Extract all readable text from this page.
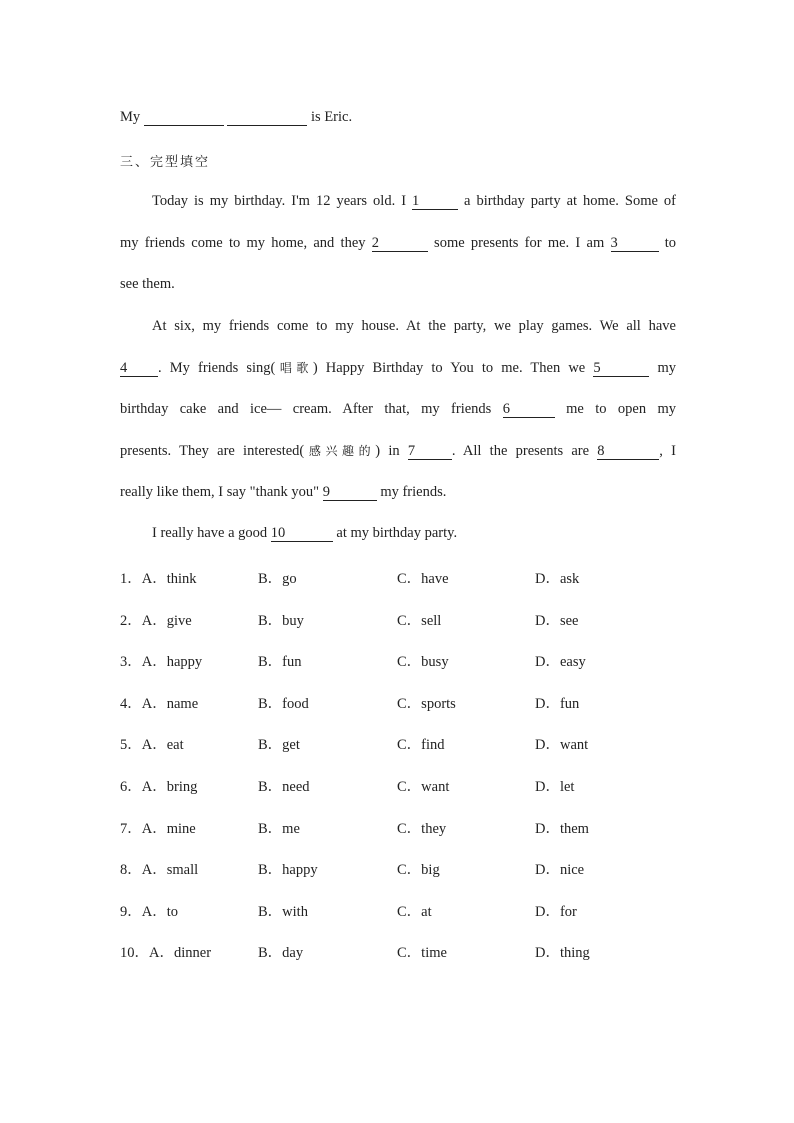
My	is Eric.
三、完型填空
Today is my birthday. I'm 12 years old. I 1	a birthday party at home. Some of
my friends come to my home, and they 2	some presents for me. I am 3	to
see them.
At six, my friends come to my house. At the party, we play games. We all have
4 . My friends sing(唱歌) Happy Birthday to You to me. Then we 5	my
birthday cake and ice— cream. After that, my friends 6	me to open my
presents. They are interested(感兴趣的) in 7	. All the presents are 8	, I
really like them, I say "thank you" 9	my friends.
I really have a good 10	at my birthday party.
1．A．think	B．go	C．have	D．ask
2．A．give	B．buy	C．sell	D．see
3．A．happy	B．fun	C．busy	D．easy
4．A．name	B．food	C．sports	D．fun
5．A．eat	B．get	C．find	D．want
6．A．bring	B．need	C．want	D．let
7．A．mine	B．me	C．they	D．them
8．A．small	B．happy	C．big	D．nice
9．A．to	B．with	C．at	D．for
10．A．dinner	B．day	C．time	D．thing
